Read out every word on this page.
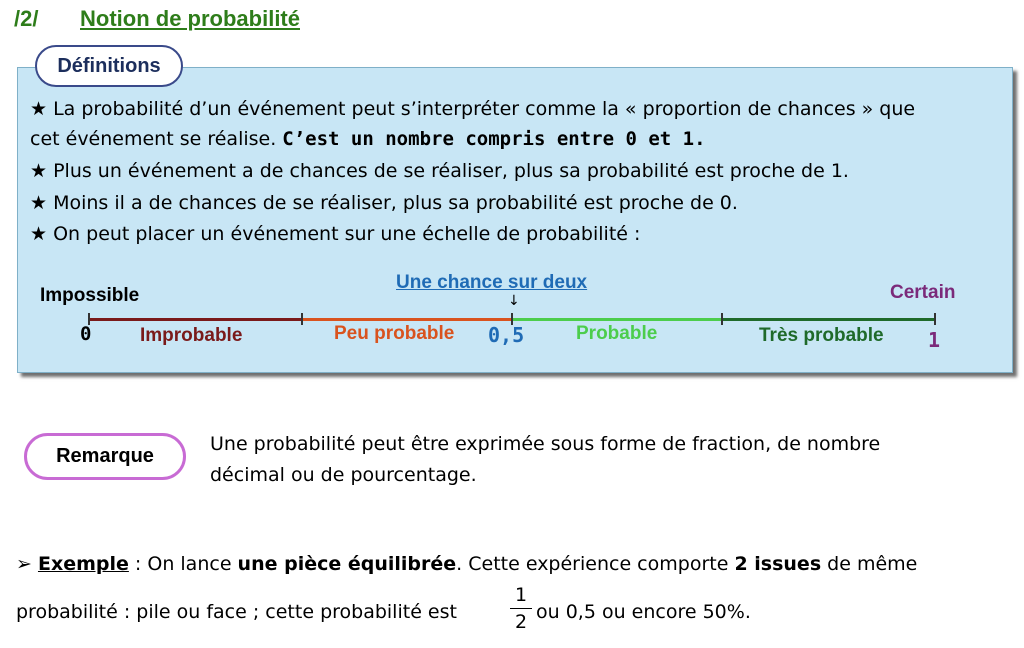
/2/ Notion de probabilité
Définitions
★ La probabilité d’un événement peut s’interpréter comme la « proportion de chances » que
cet événement se réalise. C’est un nombre compris entre 0 et 1.
★ Plus un événement a de chances de se réaliser, plus sa probabilité est proche de 1.
★ Moins il a de chances de se réaliser, plus sa probabilité est proche de 0.
★ On peut placer un événement sur une échelle de probabilité :
Impossible
Une chance sur deux
↓	Certain
0	Improbable	Peu probable 0,5	Probable	Très probable 1
Remarque
Une probabilité peut être exprimée sous forme de fraction, de nombre
décimal ou de pourcentage.
➢ Exemple : On lance une pièce équilibrée. Cette expérience comporte 2 issues de même
probabilité : pile ou face ; cette probabilité est
1
2 ou 0,5 ou encore 50%.
